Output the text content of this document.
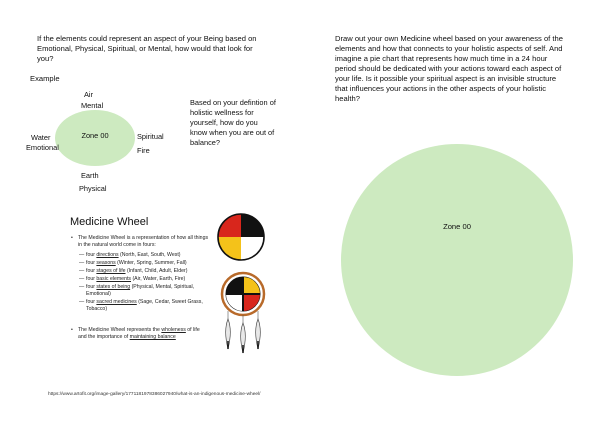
If the elements could represent an aspect of your Being based on Emotional, Physical, Spiritual, or Mental, how would that look for you?
Example
Air
Mental
Zone 00
Water
Emotional
Spiritual
Fire
Earth
Physical
Based on your defintion of holistic wellness for yourself, how do you know when you are out of balance?
Medicine Wheel
• The Medicine Wheel is a representation of how all things in the natural world come in fours:
— four directions (North, East, South, West)
— four seasons (Winter, Spring, Summer, Fall)
— four stages of life (Infant, Child, Adult, Elder)
— four basic elements (Air, Water, Earth, Fire)
— four states of being (Physical, Mental, Spiritual, Emotional)
— four sacred medicines (Sage, Cedar, Sweet Grass, Tobacco)
• The Medicine Wheel represents the wholeness of life and the importance of maintaining balance
https://www.artofit.org/image-gallery/1771181978386027940/what-is-an-indigenous-medicine-wheel/
Draw out your own Medicine wheel based on your awareness of the elements and how that connects to your holistic aspects of self. And imagine a pie chart that represents how much time in a 24 hour period should be dedicated with your actions toward each aspect of your life. Is it possible your spiritual aspect is an invisible structure that influences your actions in the other aspects of your holistic health?
Zone 00
